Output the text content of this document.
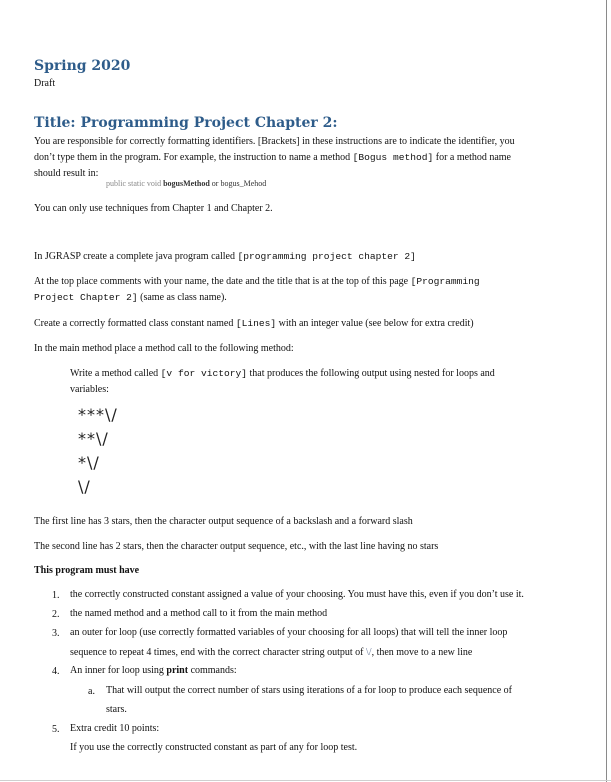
Spring 2020
Draft
Title: Programming Project Chapter 2:
You are responsible for correctly formatting identifiers. [Brackets] in these instructions are to indicate the identifier, you
don’t type them in the program. For example, the instruction to name a method [Bogus method] for a method name
should result in:
public static void bogusMethod or bogus_Mehod
You can only use techniques from Chapter 1 and Chapter 2.
In JGRASP create a complete java program called [programming project chapter 2]
At the top place comments with your name, the date and the title that is at the top of this page [Programming
Project Chapter 2] (same as class name).
Create a correctly formatted class constant named [Lines] with an integer value (see below for extra credit)
In the main method place a method call to the following method:
Write a method called [v for victory] that produces the following output using nested for loops and
variables:
***\/
**\/
*\/
\/
The first line has 3 stars, then the character output sequence of a backslash and a forward slash
The second line has 2 stars, then the character output sequence, etc., with the last line having no stars
This program must have
1. the correctly constructed constant assigned a value of your choosing. You must have this, even if you don’t use it.
2. the named method and a method call to it from the main method
3. an outer for loop (use correctly formatted variables of your choosing for all loops) that will tell the inner loop
sequence to repeat 4 times, end with the correct character string output of \/, then move to a new line
4. An inner for loop using print commands:
a. That will output the correct number of stars using iterations of a for loop to produce each sequence of
stars.
5. Extra credit 10 points:
If you use the correctly constructed constant as part of any for loop test.
